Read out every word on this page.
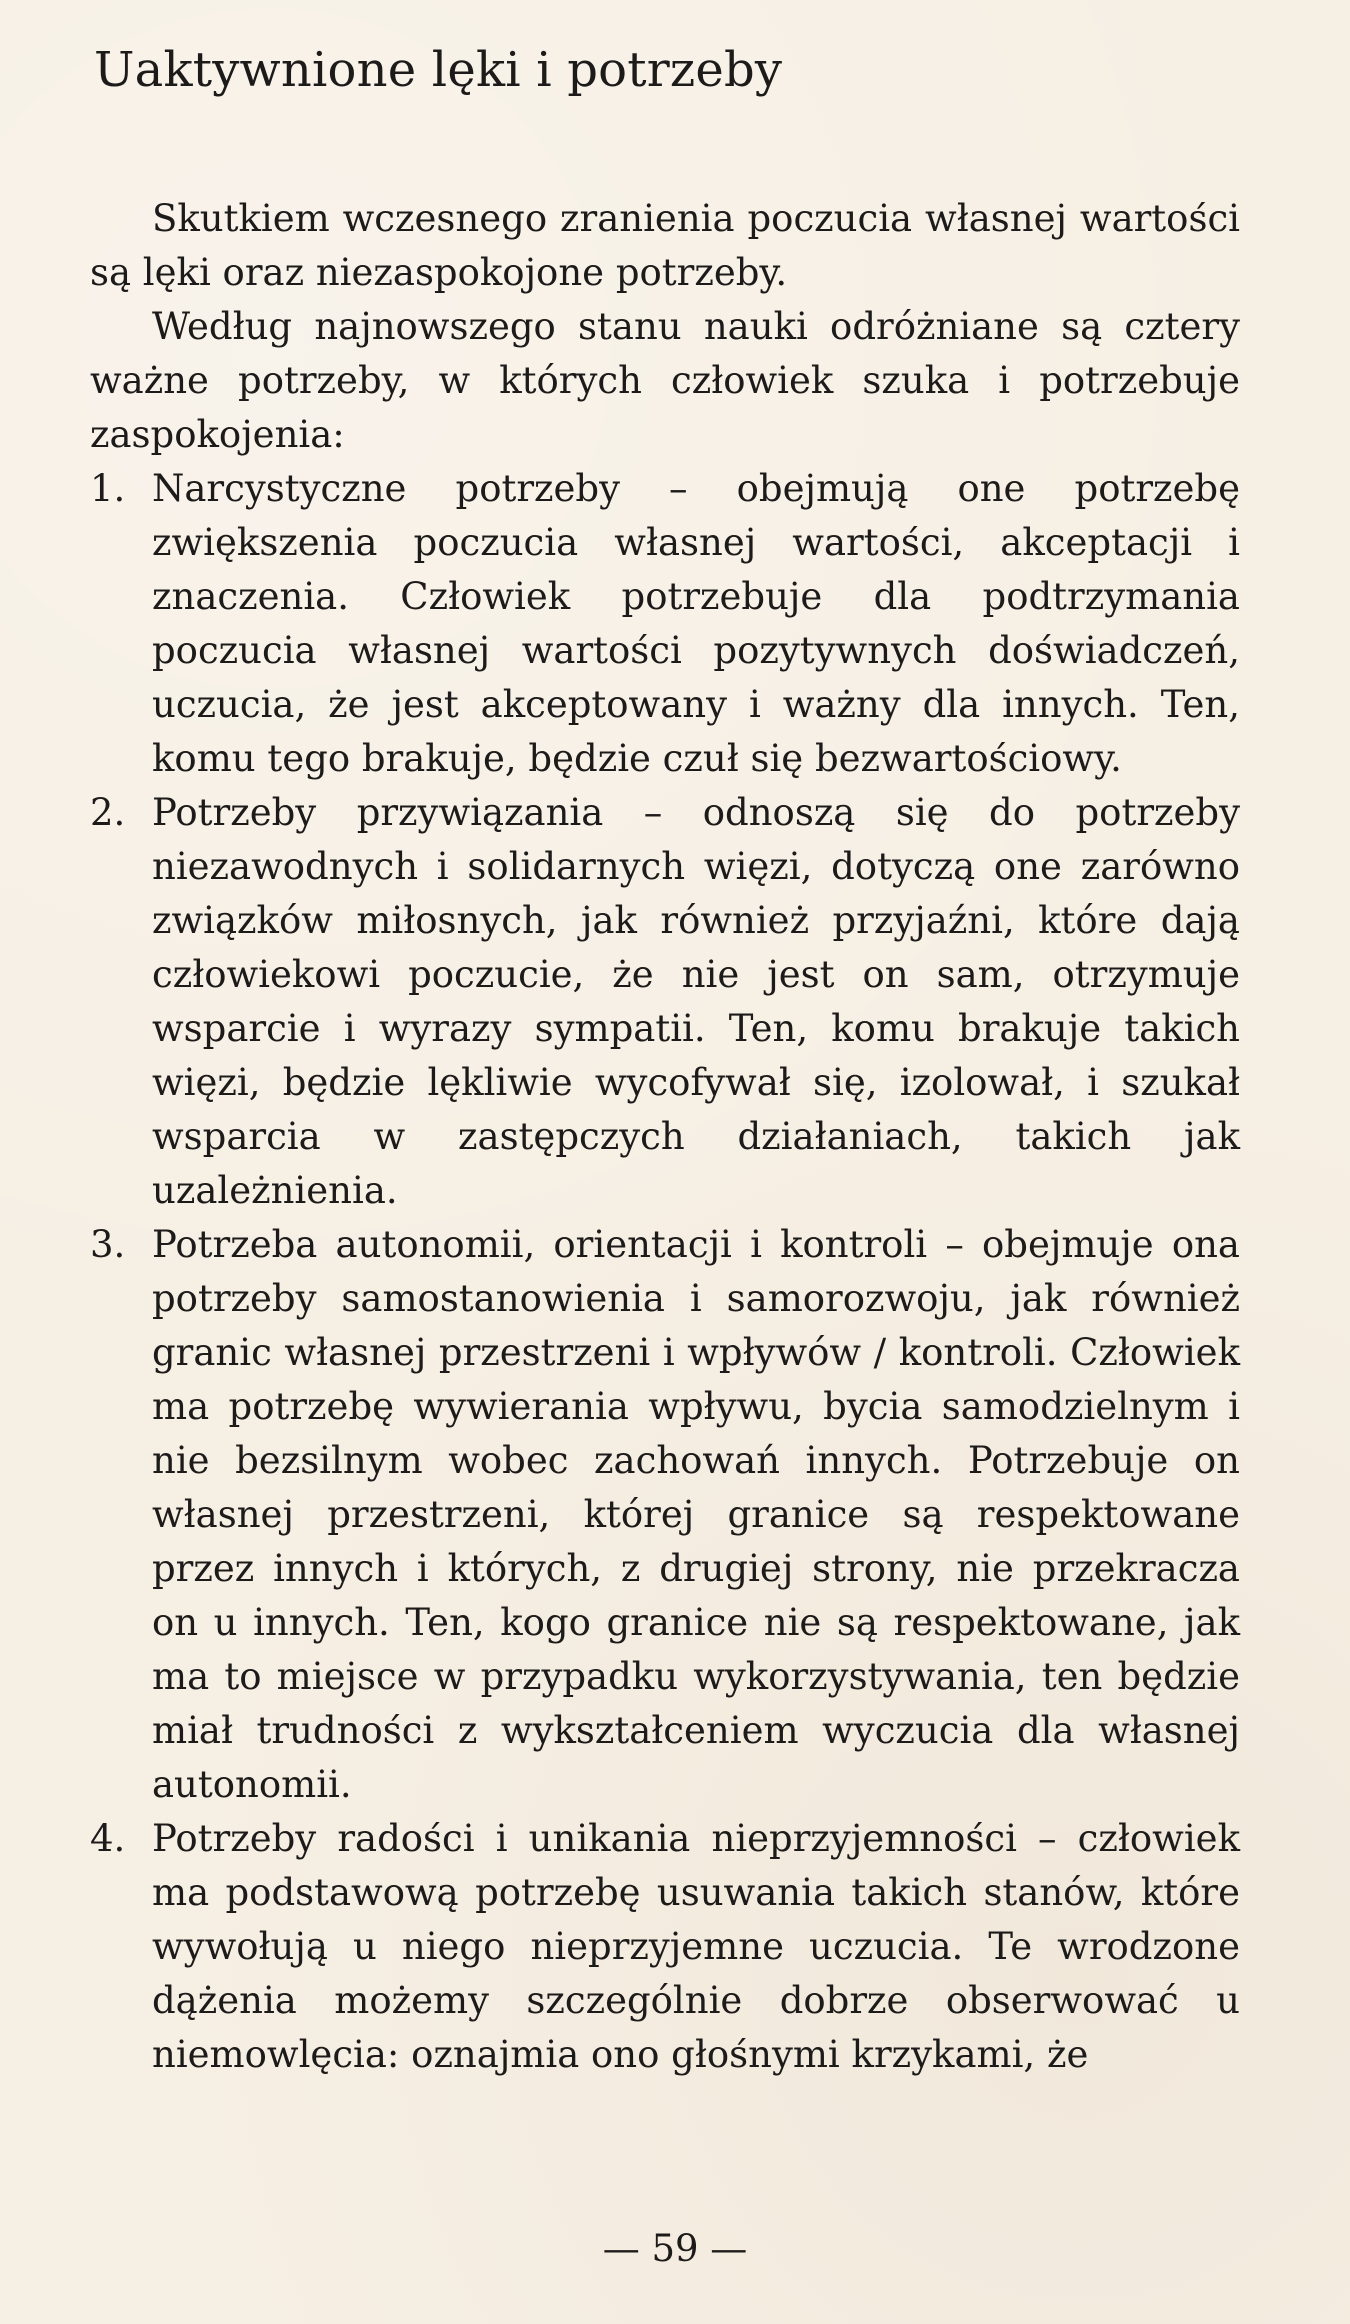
Uaktywnione lęki i potrzeby

Skutkiem wczesnego zranienia poczucia własnej wartości są lęki oraz niezaspokojone potrzeby.

Według najnowszego stanu nauki odróżniane są cztery ważne potrzeby, w których człowiek szuka i potrzebuje zaspokojenia:

1. Narcystyczne potrzeby – obejmują one potrzebę zwiększenia poczucia własnej wartości, akceptacji i znaczenia. Człowiek potrzebuje dla podtrzymania poczucia własnej wartości pozytywnych doświadczeń, uczucia, że jest akceptowany i ważny dla innych. Ten, komu tego brakuje, będzie czuł się bezwartościowy.
2. Potrzeby przywiązania – odnoszą się do potrzeby niezawodnych i solidarnych więzi, dotyczą one zarówno związków miłosnych, jak również przyjaźni, które dają człowiekowi poczucie, że nie jest on sam, otrzymuje wsparcie i wyrazy sympatii. Ten, komu brakuje takich więzi, będzie lękliwie wycofywał się, izolował, i szukał wsparcia w zastępczych działaniach, takich jak uzależnienia.
3. Potrzeba autonomii, orientacji i kontroli – obejmuje ona potrzeby samostanowienia i samorozwoju, jak również granic własnej przestrzeni i wpływów / kontroli. Człowiek ma potrzebę wywierania wpływu, bycia samodzielnym i nie bezsilnym wobec zachowań innych. Potrzebuje on własnej przestrzeni, której granice są respektowane przez innych i których, z drugiej strony, nie przekracza on u innych. Ten, kogo granice nie są respektowane, jak ma to miejsce w przypadku wykorzystywania, ten będzie miał trudności z wykształceniem wyczucia dla własnej autonomii.
4. Potrzeby radości i unikania nieprzyjemności – człowiek ma podstawową potrzebę usuwania takich stanów, które wywołują u niego nieprzyjemne uczucia. Te wrodzone dążenia możemy szczególnie dobrze obserwować u niemowlęcia: oznajmia ono głośnymi krzykami, że
— 59 —
